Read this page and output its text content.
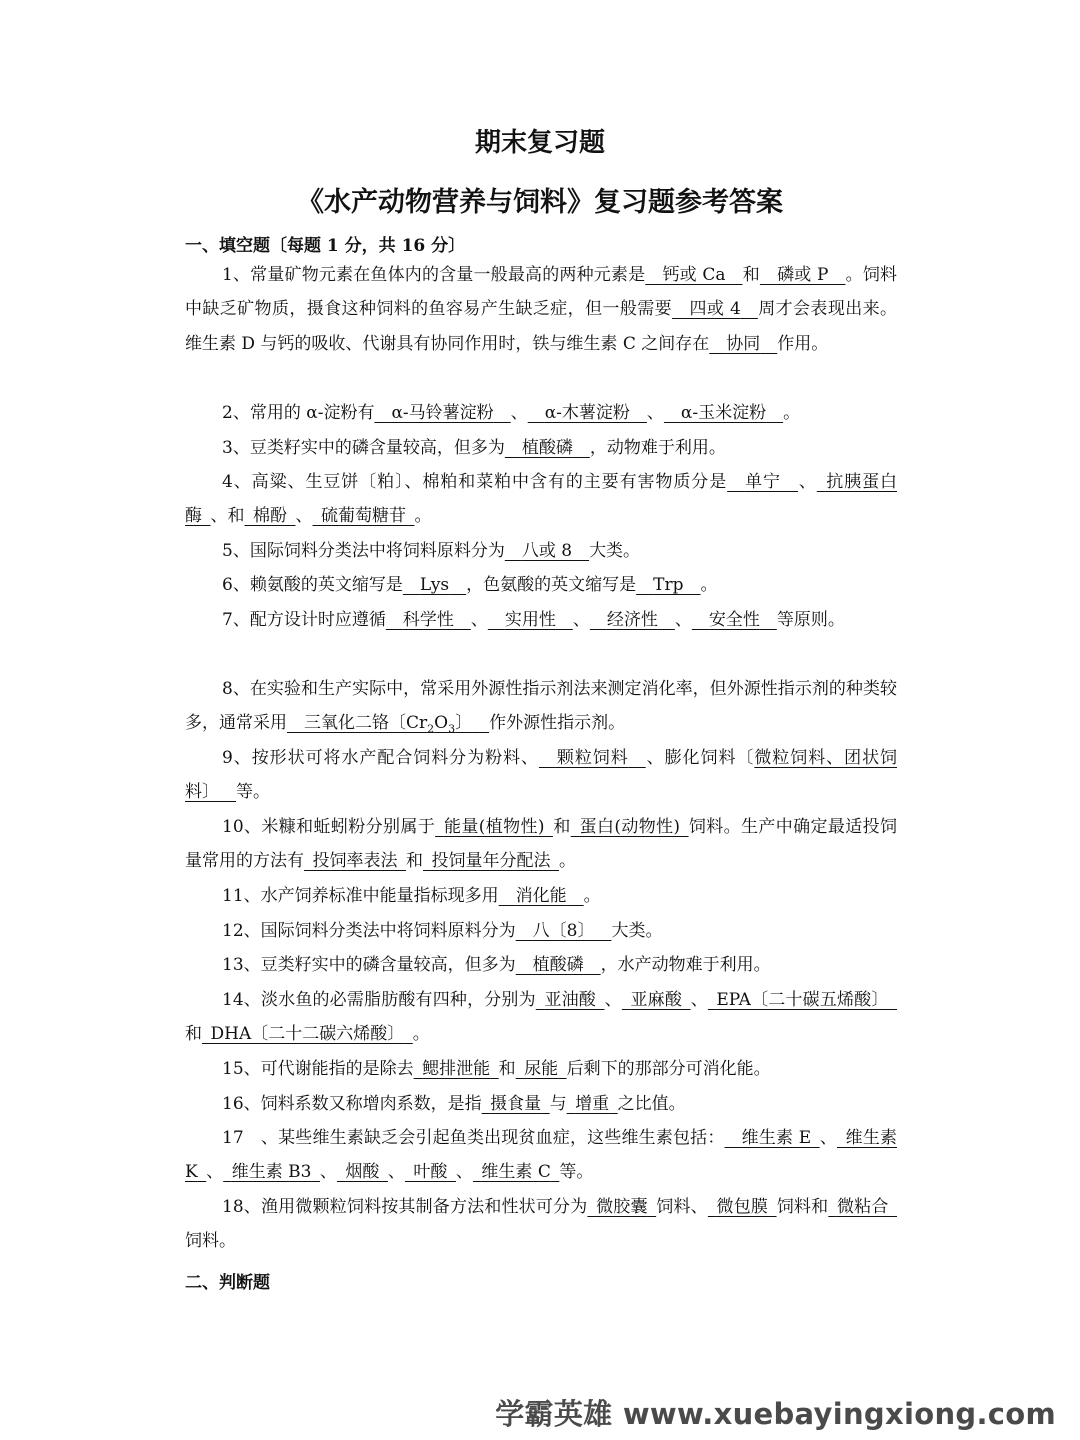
期末复习题
《水产动物营养与饲料》复习题参考答案
一、填空题〔每题 1 分，共 16 分〕
1、常量矿物元素在鱼体内的含量一般最高的两种元素是  钙或 Ca  和  磷或 P  。饲料中缺乏矿物质，摄食这种饲料的鱼容易产生缺乏症，但一般需要  四或 4  周才会表现出来。维生素 D 与钙的吸收、代谢具有协同作用时，铁与维生素 C 之间存在  协同  作用。
2、常用的 α-淀粉有  α-马铃薯淀粉  、  α-木薯淀粉  、  α-玉米淀粉  。
3、豆类籽实中的磷含量较高，但多为  植酸磷  ，动物难于利用。
4、高粱、生豆饼〔粕〕、棉粕和菜粕中含有的主要有害物质分是  单宁  、  抗胰蛋白酶  、和  棉酚  、  硫葡萄糖苷  。
5、国际饲料分类法中将饲料原料分为  八或 8  大类。
6、赖氨酸的英文缩写是  Lys  ，色氨酸的英文缩写是  Trp  。
7、配方设计时应遵循  科学性  、  实用性  、  经济性  、  安全性  等原则。
8、在实验和生产实际中，常采用外源性指示剂法来测定消化率，但外源性指示剂的种类较多，通常采用  三氧化二铬〔$Cr_2O_3$〕  作外源性指示剂。
9、按形状可将水产配合饲料分为粉料、  颗粒饲料  、膨化饲料〔微粒饲料、团状饲料〕  等。
10、米糠和蚯蚓粉分别属于  能量(植物性)  和  蛋白(动物性)  饲料。生产中确定最适投饲量常用的方法有  投饲率表法  和  投饲量年分配法  。
11、水产饲养标准中能量指标现多用  消化能  。
12、国际饲料分类法中将饲料原料分为  八〔8〕  大类。
13、豆类籽实中的磷含量较高，但多为  植酸磷  ，水产动物难于利用。
14、淡水鱼的必需脂肪酸有四种，分别为  亚油酸  、  亚麻酸  、  EPA〔二十碳五烯酸〕 和  DHA〔二十二碳六烯酸〕  。
15、可代谢能指的是除去  鳃排泄能  和  尿能  后剩下的那部分可消化能。
16、饲料系数又称增肉系数，是指  摄食量  与  增重  之比值。
17　、某些维生素缺乏会引起鱼类出现贫血症，这些维生素包括：  维生素 E  、  维生素 K  、  维生素 B3  、  烟酸  、  叶酸  、  维生素 C  等。
18、渔用微颗粒饲料按其制备方法和性状可分为  微胶囊  饲料、  微包膜  饲料和  微粘合 饲料。
二、判断题
学霸英雄 www.xuebayingxiong.com
